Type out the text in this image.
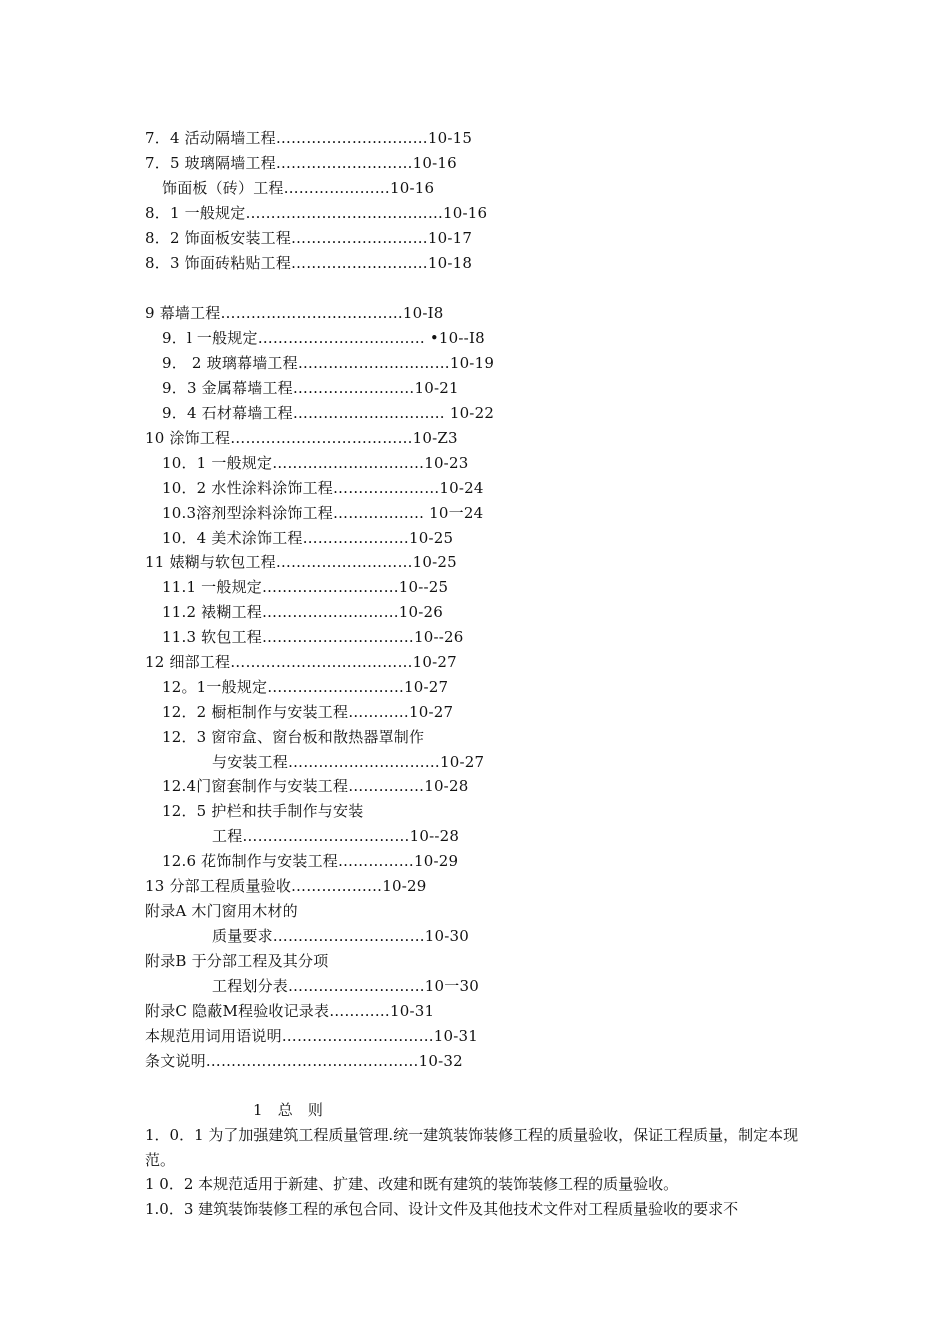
7．4 活动隔墙工程…………………………10-15
7．5 玻璃隔墙工程………………………10-16
饰面板（砖）工程…………………10-16
8．1 一般规定…………………………………10-16
8．2 饰面板安装工程………………………10-17
8．3 饰面砖粘贴工程………………………10-18
9 幕墙工程………………………………10-I8
9．l 一般规定…………………………… •10--I8
9． 2 玻璃幕墙工程…………………………10-19
9．3 金属幕墙工程……………………10-21
9．4 石材幕墙工程………………………… 10-22
10 涂饰工程………………………………10-Z3
10．1 一般规定…………………………10-23
10．2 水性涂料涂饰工程…………………10-24
10.3溶剂型涂料涂饰工程……………… 10一24
10．4 美术涂饰工程…………………10-25
11 婊糊与软包工程………………………10-25
11.1 一般规定………………………10--25
11.2 裱糊工程………………………10-26
11.3 软包工程…………………………10--26
12 细部工程………………………………10-27
12。1一般规定………………………10-27
12．2 橱柜制作与安装工程…………10-27
12．3 窗帘盒、窗台板和散热器罩制作
与安装工程…………………………10-27
12.4门窗套制作与安装工程……………10-28
12．5 护栏和扶手制作与安装
工程……………………………10--28
12.6 花饰制作与安装工程……………10-29
13 分部工程质量验收………………10-29
附录A 木门窗用木材的
质量要求…………………………10-30
附录B 于分部工程及其分项
工程划分表………………………10一30
附录C 隐蔽M程验收记录表…………10-31
本规范用词用语说明…………………………10-31
条文说明……………………………………10-32
1 总 则
1．0．1 为了加强建筑工程质量管理.统一建筑装饰装修工程的质量验收，保证工程质量，制定本现范。
1 0．2 本规范适用于新建、扩建、改建和既有建筑的装饰装修工程的质量验收。
1.0．3 建筑装饰装修工程的承包合同、设计文件及其他技术文件对工程质量验收的要求不
